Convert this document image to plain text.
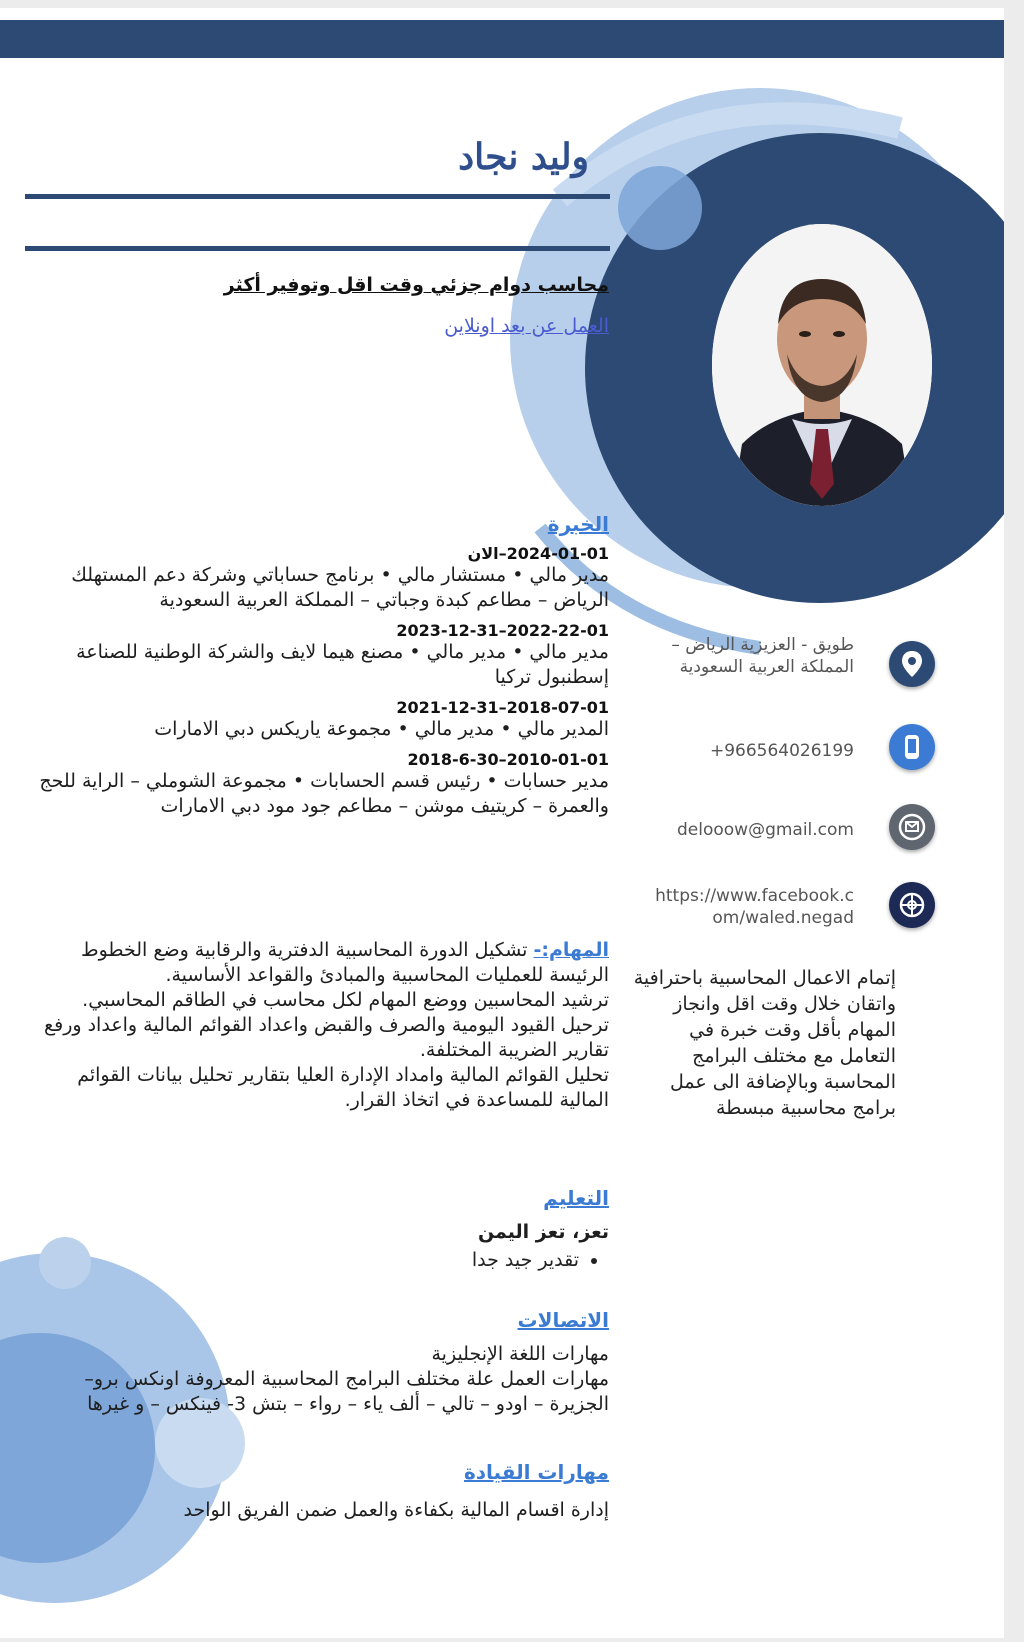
وليد نجاد
محاسب دوام جزئي وقت اقل وتوفير أكثر
العمل عن بعد اونلاين
الخبرة
2024-01-01–الان
مدير مالي • مستشار مالي • برنامج حساباتي وشركة دعم المستهلك الرياض – مطاعم كبدة وجباتي – المملكة العربية السعودية
2022-22-01–2023-12-31
مدير مالي • مدير مالي • مصنع هيما لايف والشركة الوطنية للصناعة إسطنبول تركيا
2018-07-01–2021-12-31
المدير مالي • مدير مالي • مجموعة ياريكس دبي الامارات
2010-01-01–2018-6-30
مدير حسابات • رئيس قسم الحسابات • مجموعة الشوملي – الراية للحج والعمرة – كريتيف موشن – مطاعم جود مود دبي الامارات
المهام:- تشكيل الدورة المحاسبية الدفترية والرقابية وضع الخطوط الرئيسة للعمليات المحاسبية والمبادئ والقواعد الأساسية.
ترشيد المحاسبين ووضع المهام لكل محاسب في الطاقم المحاسبي.
ترحيل القيود اليومية والصرف والقبض واعداد القوائم المالية واعداد ورفع تقارير الضريبة المختلفة.
تحليل القوائم المالية وامداد الإدارة العليا بتقارير تحليل بيانات القوائم المالية للمساعدة في اتخاذ القرار.
التعليم
تعز، تعز اليمن
• تقدير جيد جدا
الاتصالات
مهارات اللغة الإنجليزية
مهارات العمل علة مختلف البرامج المحاسبية المعروفة اونكس برو– الجزيرة – اودو – تالي – ألف ياء – رواء – بتش 3- فينكس – و غيرها
مهارات القيادة
إدارة اقسام المالية بكفاءة والعمل ضمن الفريق الواحد
طويق - العزيزية الرياض – المملكة العربية السعودية
+966564026199
delooow@gmail.com
https://www.facebook.com/waled.negad
إتمام الاعمال المحاسبية باحترافية واتقان خلال وقت اقل وانجاز المهام بأقل وقت خبرة في التعامل مع مختلف البرامج المحاسبة وبالإضافة الى عمل برامج محاسبية مبسطة
